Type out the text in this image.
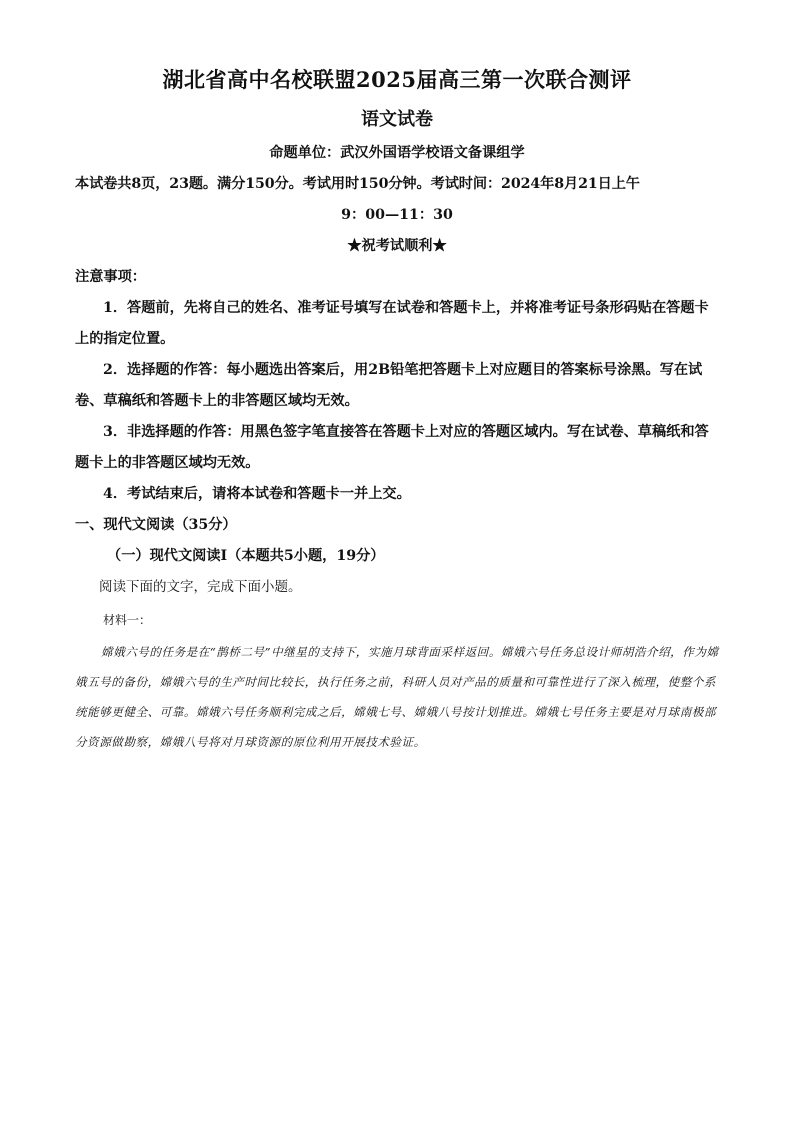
湖北省高中名校联盟2025届高三第一次联合测评
语文试卷

命题单位：武汉外国语学校语文备课组学

本试卷共8页，23题。满分150分。考试用时150分钟。考试时间：2024年8月21日上午

9：00—11：30

★祝考试顺利★

注意事项：

1．答题前，先将自己的姓名、准考证号填写在试卷和答题卡上，并将准考证号条形码贴在答题卡上的指定位置。

2．选择题的作答：每小题选出答案后，用2B铅笔把答题卡上对应题目的答案标号涂黑。写在试卷、草稿纸和答题卡上的非答题区域均无效。

3．非选择题的作答：用黑色签字笔直接答在答题卡上对应的答题区域内。写在试卷、草稿纸和答题卡上的非答题区域均无效。

4．考试结束后，请将本试卷和答题卡一并上交。

一、现代文阅读（35分）

（一）现代文阅读Ⅰ（本题共5小题，19分）

阅读下面的文字，完成下面小题。

材料一：

嫦娥六号的任务是在“鹊桥二号”中继星的支持下，实施月球背面采样返回。嫦娥六号任务总设计师胡浩介绍，作为嫦娥五号的备份，嫦娥六号的生产时间比较长，执行任务之前，科研人员对产品的质量和可靠性进行了深入梳理，使整个系统能够更健全、可靠。嫦娥六号任务顺利完成之后，嫦娥七号、嫦娥八号按计划推进。嫦娥七号任务主要是对月球南极部分资源做勘察，嫦娥八号将对月球资源的原位利用开展技术验证。
